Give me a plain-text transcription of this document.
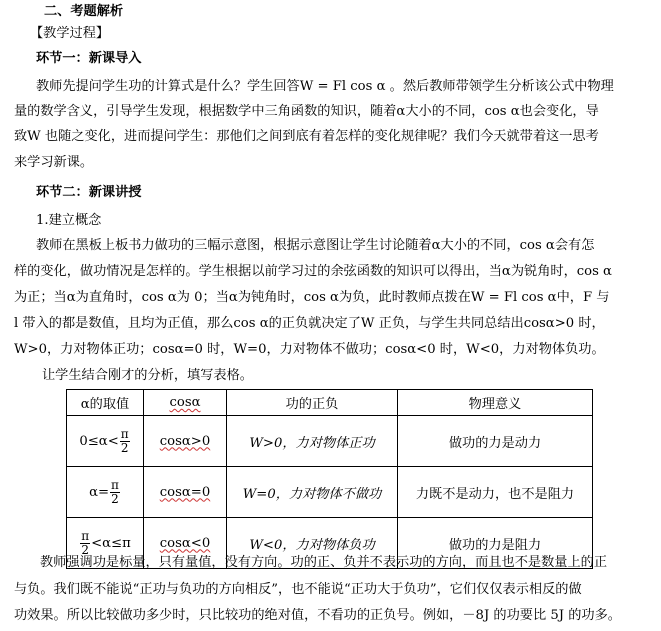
二、考题解析
【教学过程】
环节一：新课导入
教师先提问学生功的计算式是什么？学生回答W = Fl cos α 。然后教师带领学生分析该公式中物理
量的数学含义，引导学生发现，根据数学中三角函数的知识，随着α大小的不同，cos α也会变化，导
致W 也随之变化，进而提问学生：那他们之间到底有着怎样的变化规律呢？我们今天就带着这一思考
来学习新课。
环节二：新课讲授
1.建立概念
教师在黑板上板书力做功的三幅示意图，根据示意图让学生讨论随着α大小的不同，cos α会有怎
样的变化，做功情况是怎样的。学生根据以前学习过的余弦函数的知识可以得出，当α为锐角时，cos α
为正；当α为直角时，cos α为 0；当α为钝角时，cos α为负，此时教师点拨在W = Fl cos α中，F 与
l 带入的都是数值，且均为正值，那么cos α的正负就决定了W 正负，与学生共同总结出cosα>0 时，
W>0，力对物体正功；cosα=0 时，W=0，力对物体不做功；cosα<0 时，W<0，力对物体负功。
让学生结合刚才的分析，填写表格。
α的取值	cosα	功的正负	物理意义
$0\le\alpha< \frac{\pi}{2}$	cosα>0	W>0，力对物体正功	做功的力是动力
$\alpha= \frac{\pi}{2}$	cosα=0	W=0，力对物体不做功	力既不是动力，也不是阻力

$\frac{\pi}{2} <\alpha\le\pi$	cosα<0	W<0，力对物体负功	做功的力是阻力
教师强调功是标量，只有量值，没有方向。功的正、负并不表示功的方向，而且也不是数量上的正
与负。我们既不能说“正功与负功的方向相反”，也不能说“正功大于负功”，它们仅仅表示相反的做
功效果。所以比较做功多少时，只比较功的绝对值，不看功的正负号。例如，－8J 的功要比 5J 的功多。
